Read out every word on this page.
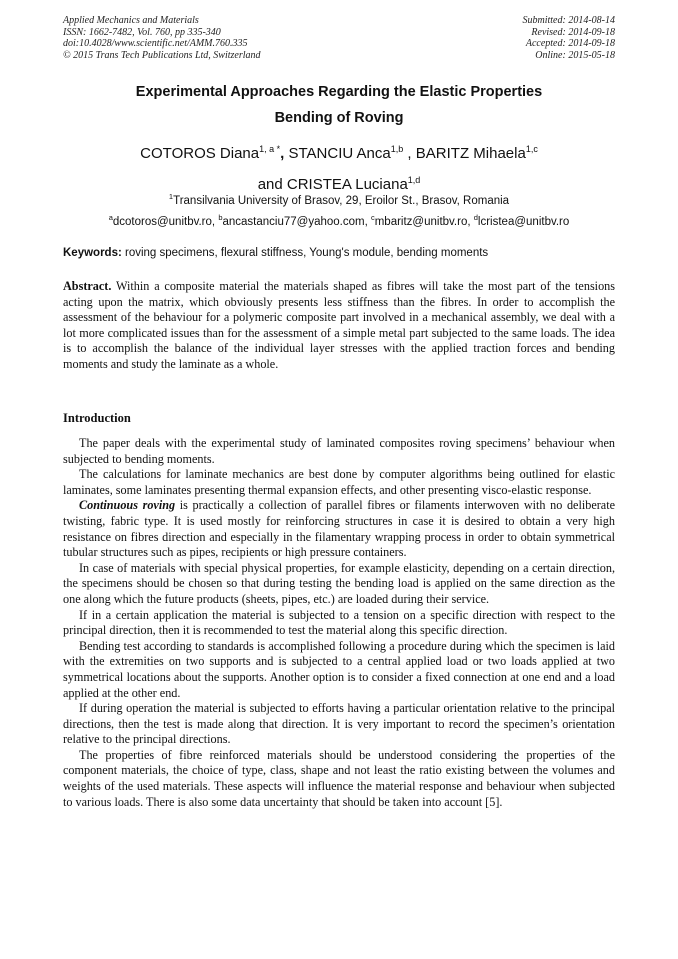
Applied Mechanics and Materials
ISSN: 1662-7482, Vol. 760, pp 335-340
doi:10.4028/www.scientific.net/AMM.760.335
© 2015 Trans Tech Publications Ltd, Switzerland
Submitted: 2014-08-14
Revised: 2014-09-18
Accepted: 2014-09-18
Online: 2015-05-18
Experimental Approaches Regarding the Elastic Properties
Bending of Roving
COTOROS Diana$^{1, a *}$, STANCIU Anca$^{1,b}$ , BARITZ Mihaela$^{1,c}$
and CRISTEA Luciana$^{1,d}$
$^1$Transilvania University of Brasov, 29, Eroilor St., Brasov, Romania
$^a$dcotoros@unitbv.ro, $^b$ancastanciu77@yahoo.com, $^c$mbaritz@unitbv.ro, $^d$lcristea@unitbv.ro
Keywords: roving specimens, flexural stiffness, Young's module, bending moments

Abstract. Within a composite material the materials shaped as fibres will take the most part of the tensions acting upon the matrix, which obviously presents less stiffness than the fibres. In order to accomplish the assessment of the behaviour for a polymeric composite part involved in a mechanical assembly, we deal with a lot more complicated issues than for the assessment of a simple metal part subjected to the same loads. The idea is to accomplish the balance of the individual layer stresses with the applied traction forces and bending moments and study the laminate as a whole.

Introduction

The paper deals with the experimental study of laminated composites roving specimens’ behaviour when subjected to bending moments.

The calculations for laminate mechanics are best done by computer algorithms being outlined for elastic laminates, some laminates presenting thermal expansion effects, and other presenting visco-elastic response.

Continuous roving is practically a collection of parallel fibres or filaments interwoven with no deliberate twisting, fabric type. It is used mostly for reinforcing structures in case it is desired to obtain a very high resistance on fibres direction and especially in the filamentary wrapping process in order to obtain symmetrical tubular structures such as pipes, recipients or high pressure containers.

In case of materials with special physical properties, for example elasticity, depending on a certain direction, the specimens should be chosen so that during testing the bending load is applied on the same direction as the one along which the future products (sheets, pipes, etc.) are loaded during their service.

If in a certain application the material is subjected to a tension on a specific direction with respect to the principal direction, then it is recommended to test the material along this specific direction.

Bending test according to standards is accomplished following a procedure during which the specimen is laid with the extremities on two supports and is subjected to a central applied load or two loads applied at two symmetrical locations about the supports. Another option is to consider a fixed connection at one end and a load applied at the other end.

If during operation the material is subjected to efforts having a particular orientation relative to the principal directions, then the test is made along that direction. It is very important to record the specimen’s orientation relative to the principal directions.

The properties of fibre reinforced materials should be understood considering the properties of the component materials, the choice of type, class, shape and not least the ratio existing between the volumes and weights of the used materials. These aspects will influence the material response and behaviour when subjected to various loads. There is also some data uncertainty that should be taken into account [5].
